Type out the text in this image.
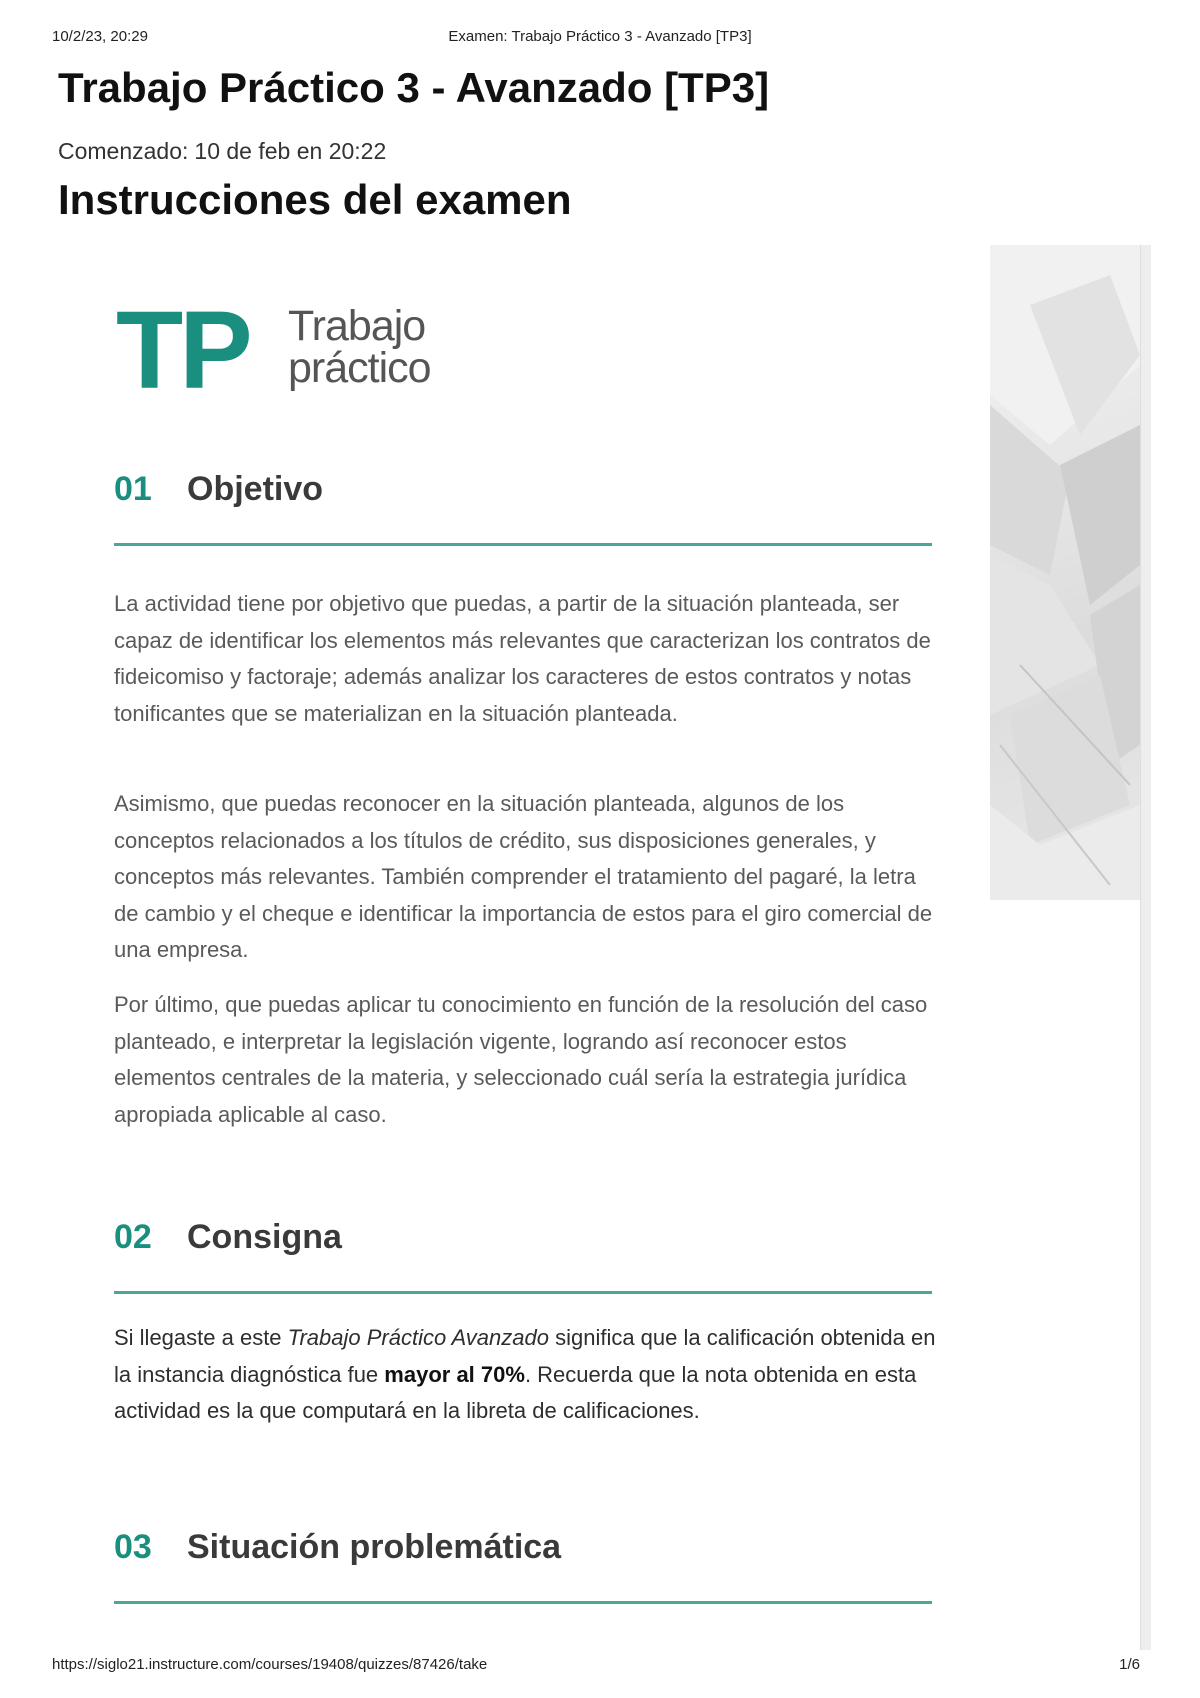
10/2/23, 20:29	Examen: Trabajo Práctico 3 - Avanzado [TP3]
Trabajo Práctico 3 - Avanzado [TP3]
Comenzado: 10 de feb en 20:22
Instrucciones del examen
TP Trabajo
práctico
01 Objetivo

La actividad tiene por objetivo que puedas, a partir de la situación planteada, ser capaz de identificar los elementos más relevantes que caracterizan los contratos de fideicomiso y factoraje; además analizar los caracteres de estos contratos y notas tonificantes que se materializan en la situación planteada.

Asimismo, que puedas reconocer en la situación planteada, algunos de los conceptos relacionados a los títulos de crédito, sus disposiciones generales, y conceptos más relevantes. También comprender el tratamiento del pagaré, la letra de cambio y el cheque e identificar la importancia de estos para el giro comercial de una empresa.

Por último, que puedas aplicar tu conocimiento en función de la resolución del caso planteado, e interpretar la legislación vigente, logrando así reconocer estos elementos centrales de la materia, y seleccionado cuál sería la estrategia jurídica apropiada aplicable al caso.

02 Consigna

Si llegaste a este Trabajo Práctico Avanzado significa que la calificación obtenida en la instancia diagnóstica fue mayor al 70%. Recuerda que la nota obtenida en esta actividad es la que computará en la libreta de calificaciones.

03 Situación problemática
https://siglo21.instructure.com/courses/19408/quizzes/87426/take	1/6
